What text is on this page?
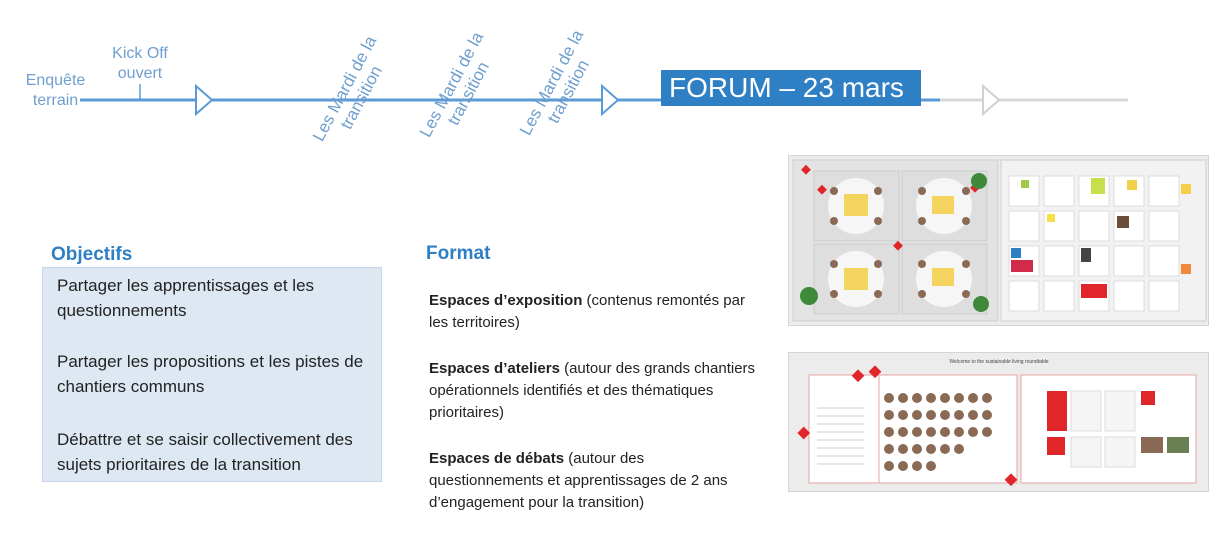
Enquête terrain
Kick Off ouvert	Les Mardi de la transition	Les Mardi de la transition	Les Mardi de la transition	FORUM – 23 mars
Objectifs
Partager les apprentissages et les questionnements
Partager les propositions et les pistes de chantiers communs
Débattre et se saisir collectivement des sujets prioritaires de la transition
Format
Espaces d’exposition (contenus remontés par les territoires)
Espaces d’ateliers (autour des grands chantiers opérationnels identifiés et des thématiques prioritaires)
Espaces de débats (autour des questionnements et apprentissages de 2 ans d’engagement pour la transition)
Welcome to the sustainable living roundtable
